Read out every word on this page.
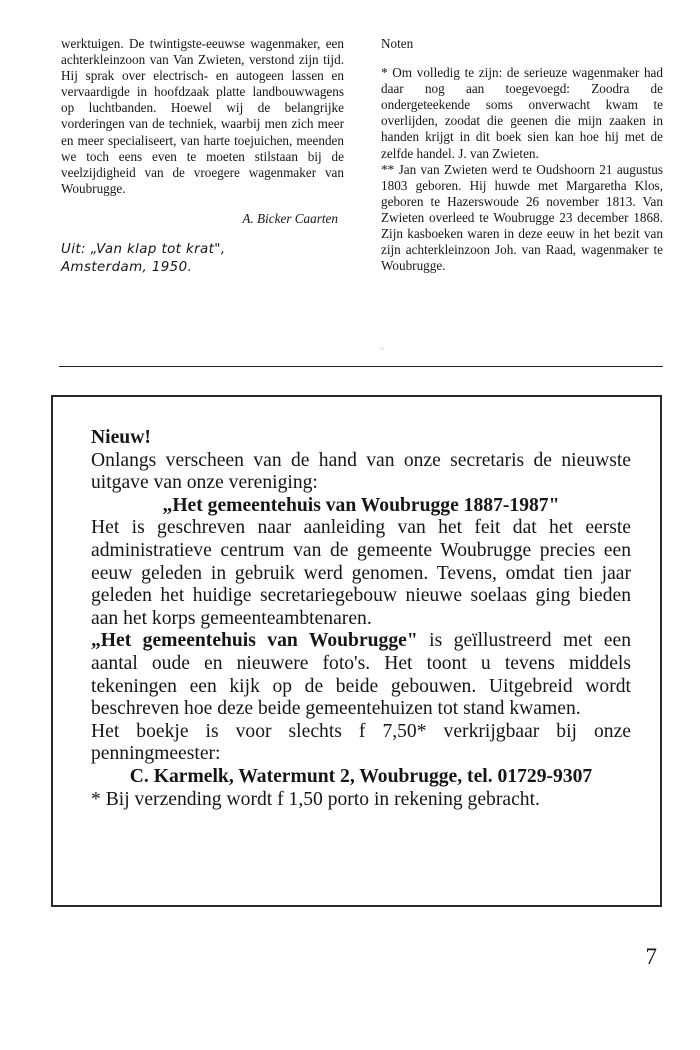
werktuigen. De twintigste-eeuwse wagenmaker, een achterkleinzoon van Van Zwieten, verstond zijn tijd. Hij sprak over electrisch- en autogeen lassen en vervaardigde in hoofdzaak platte landbouwwagens op luchtbanden. Hoewel wij de belangrijke vorderingen van de techniek, waarbij men zich meer en meer specialiseert, van harte toejuichen, meenden we toch eens even te moeten stilstaan bij de veelzijdigheid van de vroegere wagenmaker van Woubrugge.

A. Bicker Caarten
Uit: „Van klap tot krat",
Amsterdam, 1950.

Noten

* Om volledig te zijn: de serieuze wagenmaker had daar nog aan toegevoegd: Zoodra de ondergeteekende soms onverwacht kwam te overlijden, zoodat die geenen die mijn zaaken in handen krijgt in dit boek sien kan hoe hij met de zelfde handel. J. van Zwieten.

** Jan van Zwieten werd te Oudshoorn 21 augustus 1803 geboren. Hij huwde met Margaretha Klos, geboren te Hazerswoude 26 november 1813. Van Zwieten overleed te Woubrugge 23 december 1868. Zijn kasboeken waren in deze eeuw in het bezit van zijn achterkleinzoon Joh. van Raad, wagenmaker te Woubrugge.

◦

Nieuw!

Onlangs verscheen van de hand van onze secretaris de nieuwste uitgave van onze vereniging:

„Het gemeentehuis van Woubrugge 1887-1987"

Het is geschreven naar aanleiding van het feit dat het eerste administratieve centrum van de gemeente Woubrugge precies een eeuw geleden in gebruik werd genomen. Tevens, omdat tien jaar geleden het huidige secretariegebouw nieuwe soelaas ging bieden aan het korps gemeenteambtenaren.

„Het gemeentehuis van Woubrugge" is geïllustreerd met een aantal oude en nieuwere foto's. Het toont u tevens middels tekeningen een kijk op de beide gebouwen. Uitgebreid wordt beschreven hoe deze beide gemeentehuizen tot stand kwamen.

Het boekje is voor slechts f 7,50* verkrijgbaar bij onze penningmeester:

C. Karmelk, Watermunt 2, Woubrugge, tel. 01729-9307

* Bij verzending wordt f 1,50 porto in rekening gebracht.

7
